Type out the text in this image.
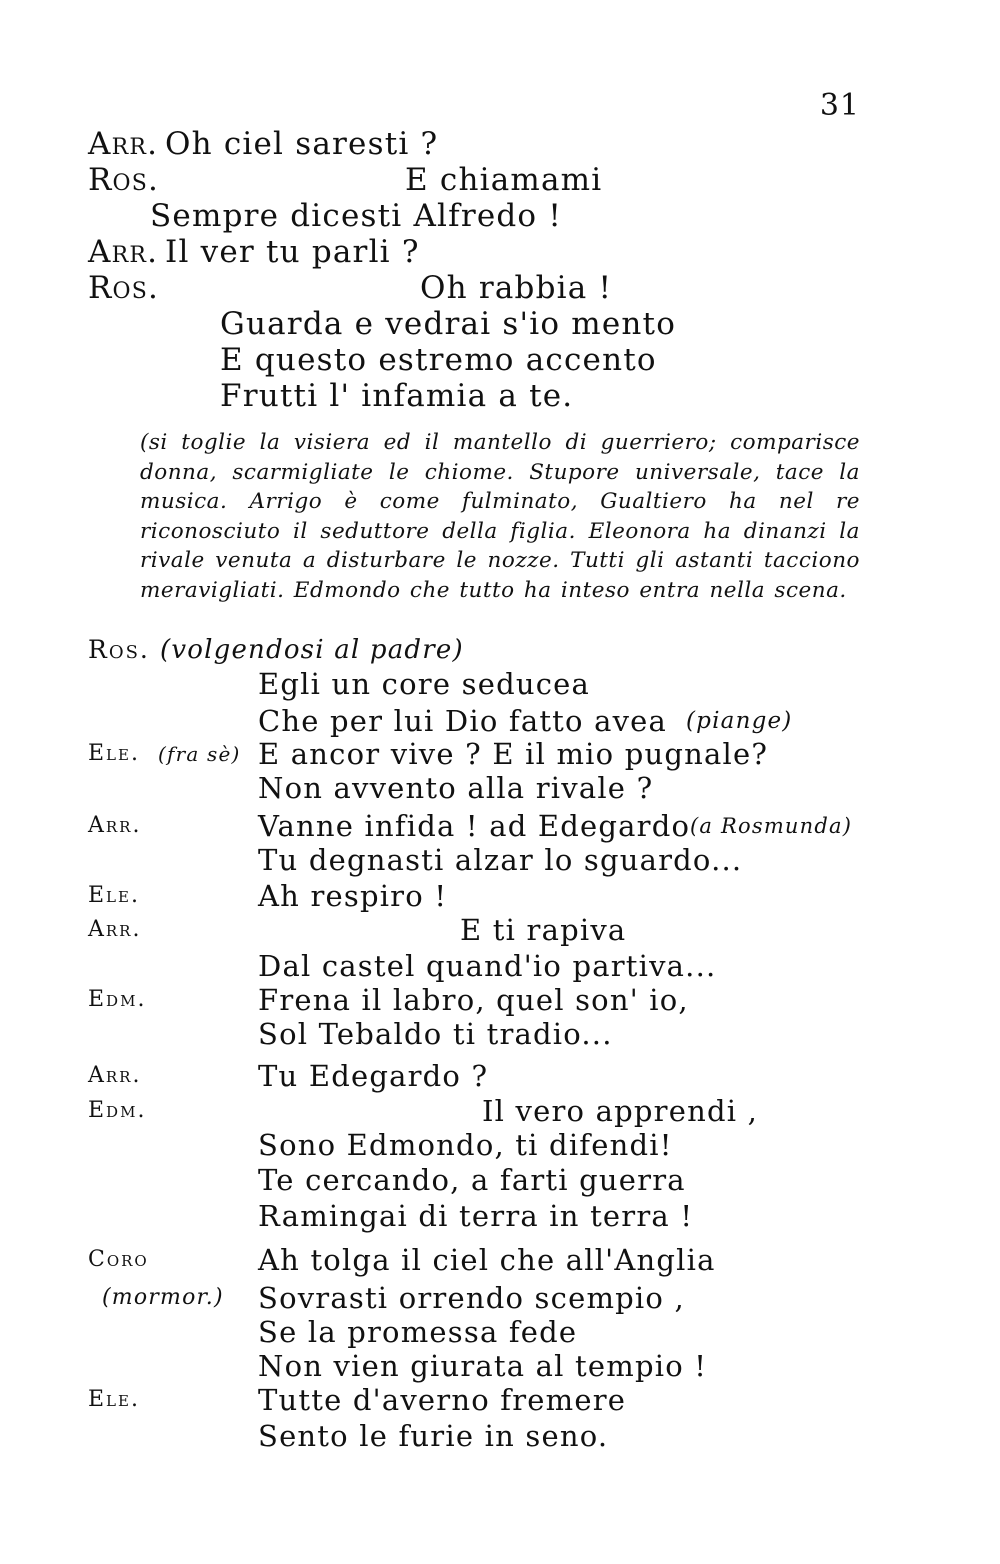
31
Arr. Oh ciel saresti ?
Ros.	E chiamami
Sempre dicesti Alfredo !
Arr. Il ver tu parli ?
Ros.	Oh rabbia !
Guarda e vedrai s'io mento
E questo estremo accento
Frutti l' infamia a te.
(si toglie la visiera ed il mantello di guerriero; comparisce donna, scarmigliate le chiome. Stupore universale, tace la musica. Arrigo è come fulminato, Gualtiero ha nel re riconosciuto il seduttore della figlia. Eleonora ha dinanzi la rivale venuta a disturbare le nozze. Tutti gli astanti tacciono meravigliati. Edmondo che tutto ha inteso entra nella scena.
Ros. (volgendosi al padre)
Egli un core seducea
Che per lui Dio fatto avea (piange)
Ele. (fra sè) E ancor vive ? E il mio pugnale?
Non avvento alla rivale ?
Arr.	Vanne infida ! ad Edegardo (a Rosmunda)
Tu degnasti alzar lo sguardo...
Ele.	Ah respiro !
Arr.	E ti rapiva
Dal castel quand'io partiva...
Edm.	Frena il labro, quel son' io,
Sol Tebaldo ti tradio...
Arr.	Tu Edegardo ?
Edm.	Il vero apprendi ,
Sono Edmondo, ti difendi!
Te cercando, a farti guerra
Ramingai di terra in terra !
Coro	Ah tolga il ciel che all'Anglia
(mormor.) Sovrasti orrendo scempio ,
Se la promessa fede
Non vien giurata al tempio !
Ele.	Tutte d'averno fremere
Sento le furie in seno.
